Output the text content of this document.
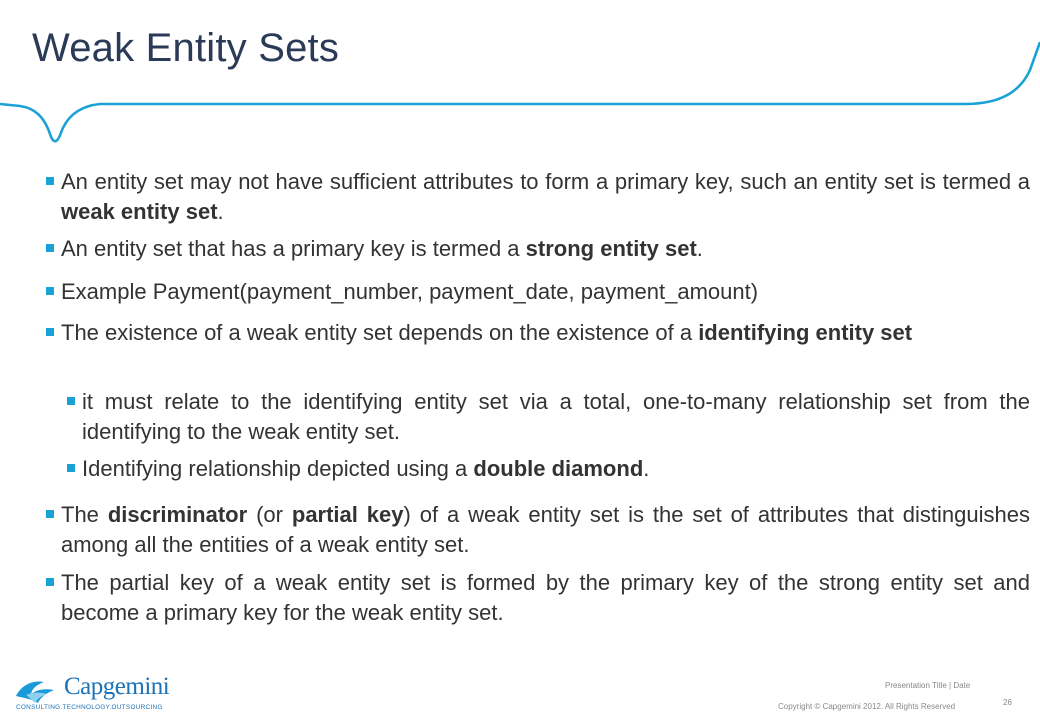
Weak Entity Sets
An entity set may not have sufficient attributes to form a primary key, such an entity set is termed a weak entity set.
An entity set that has a primary key is termed a strong entity set.
Example Payment(payment_number, payment_date, payment_amount)
The existence of a weak entity set depends on the existence of a identifying entity set
it must relate to the identifying entity set via a total, one-to-many relationship set from the identifying to the weak entity set.
Identifying relationship depicted using a double diamond.
The discriminator (or partial key) of a weak entity set is the set of attributes that distinguishes among all the entities of a weak entity set.
The partial key of a weak entity set is formed by the primary key of the strong entity set and become a primary key for the weak entity set.
Capgemini
CONSULTING.TECHNOLOGY.OUTSOURCING
Presentation Title | Date
Copyright © Capgemini 2012. All Rights Reserved	26
